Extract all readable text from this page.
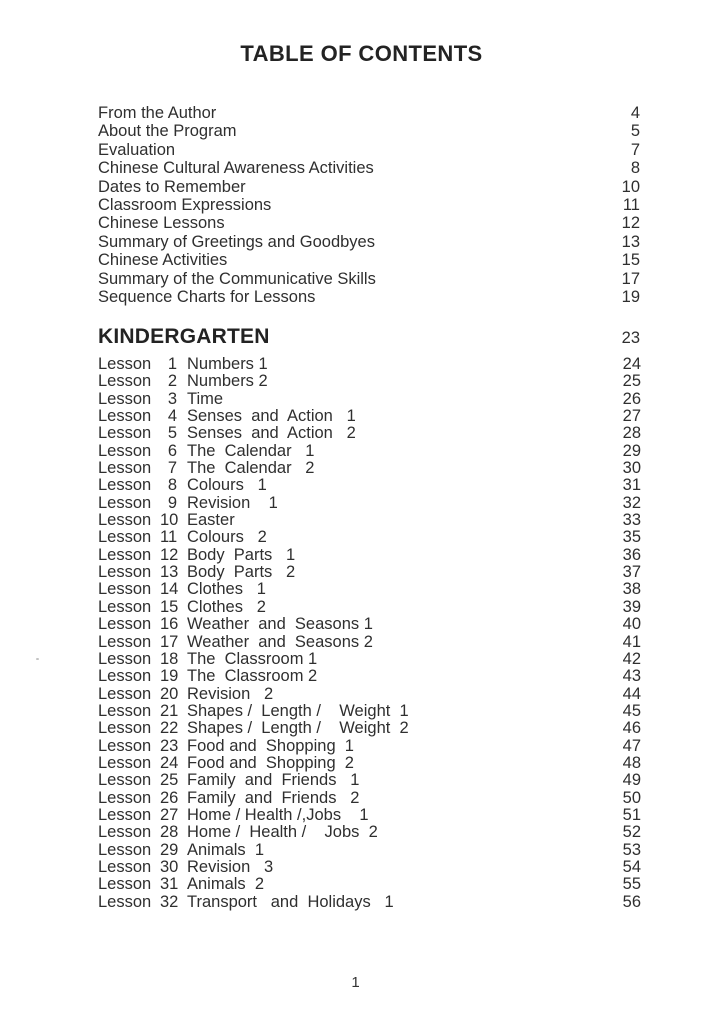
TABLE OF CONTENTS
From the Author	4
About the Program	5
Evaluation	7
Chinese Cultural Awareness Activities	8
Dates to Remember	10
Classroom Expressions	11
Chinese Lessons	12
Summary of Greetings and Goodbyes	13
Chinese Activities	15
Summary of the Communicative Skills	17
Sequence Charts for Lessons	19
KINDERGARTEN	23
Lesson	1 Numbers 1	24
Lesson	2 Numbers 2	25
Lesson	3 Time	26
Lesson	4 Senses  and  Action   1	27
Lesson	5 Senses  and  Action   2	28
Lesson	6 The  Calendar   1	29
Lesson	7 The  Calendar   2	30
Lesson	8 Colours   1	31
Lesson	9 Revision    1	32
Lesson 10 Easter	33
Lesson 11 Colours   2	35
Lesson 12 Body  Parts   1	36
Lesson 13 Body  Parts   2	37
Lesson 14 Clothes   1	38
Lesson 15 Clothes   2	39
Lesson 16 Weather  and  Seasons 1	40
Lesson 17 Weather  and  Seasons 2	41
Lesson 18 The  Classroom 1	42
Lesson 19 The  Classroom 2	43
Lesson 20 Revision   2	44
Lesson 21 Shapes /  Length /    Weight  1	45
Lesson 22 Shapes /  Length /    Weight  2	46
Lesson 23 Food and  Shopping  1	47
Lesson 24 Food and  Shopping  2	48
Lesson 25 Family  and  Friends   1	49
Lesson 26 Family  and  Friends   2	50
Lesson 27 Home / Health /,Jobs    1	51
Lesson 28 Home /  Health /    Jobs  2	52
Lesson 29 Animals  1	53
Lesson 30 Revision   3	54
Lesson 31 Animals  2	55
Lesson 32 Transport   and  Holidays   1	56
1
